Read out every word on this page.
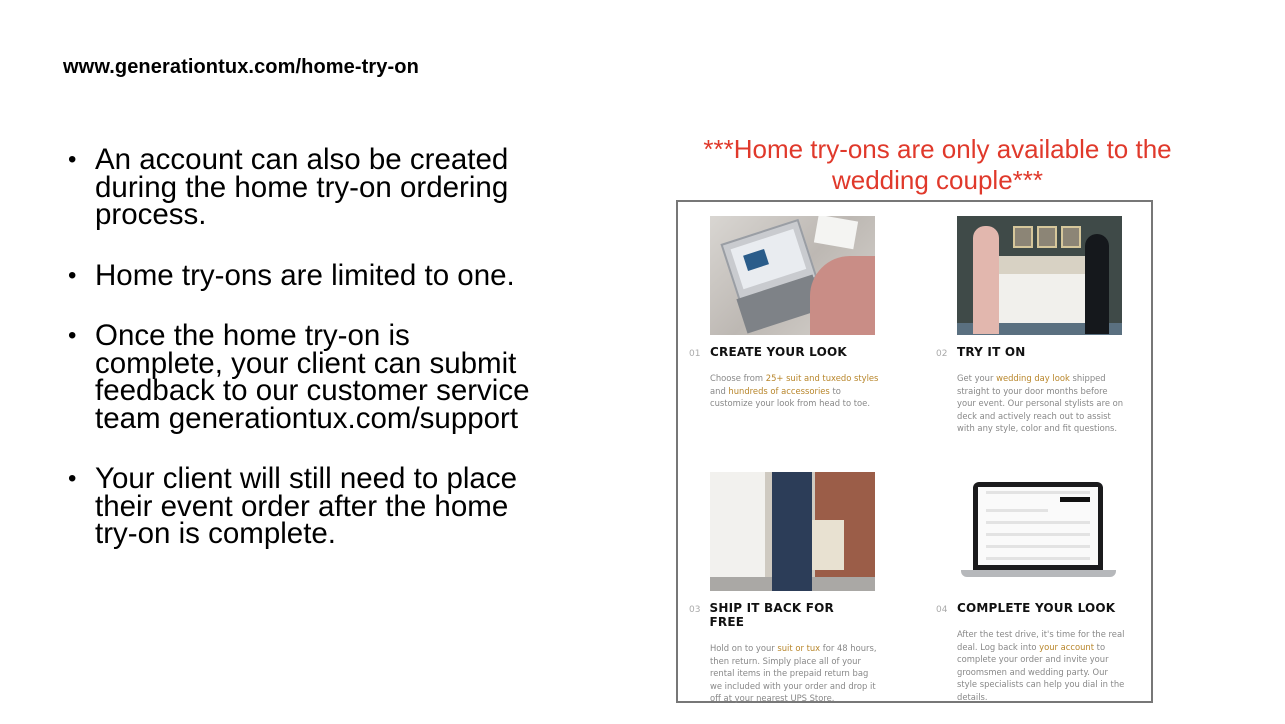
www.generationtux.com/home-try-on
• An account can also be created
during the home try-on ordering
process.
• Home try-ons are limited to one.
• Once the home try-on is
complete, your client can submit
feedback to our customer service
team generationtux.com/support
• Your client will still need to place
their event order after the home
try-on is complete.
***Home try-ons are only available to the
wedding couple***
01 CREATE YOUR LOOK
Choose from 25+ suit and tuxedo styles and hundreds of accessories to customize your look from head to toe.
02 TRY IT ON
Get your wedding day look shipped straight to your door months before your event. Our personal stylists are on deck and actively reach out to assist with any style, color and fit questions.
03 SHIP IT BACK FOR FREE
Hold on to your suit or tux for 48 hours, then return. Simply place all of your rental items in the prepaid return bag we included with your order and drop it off at your nearest UPS Store.
04 COMPLETE YOUR LOOK
After the test drive, it's time for the real deal. Log back into your account to complete your order and invite your groomsmen and wedding party. Our style specialists can help you dial in the details.
